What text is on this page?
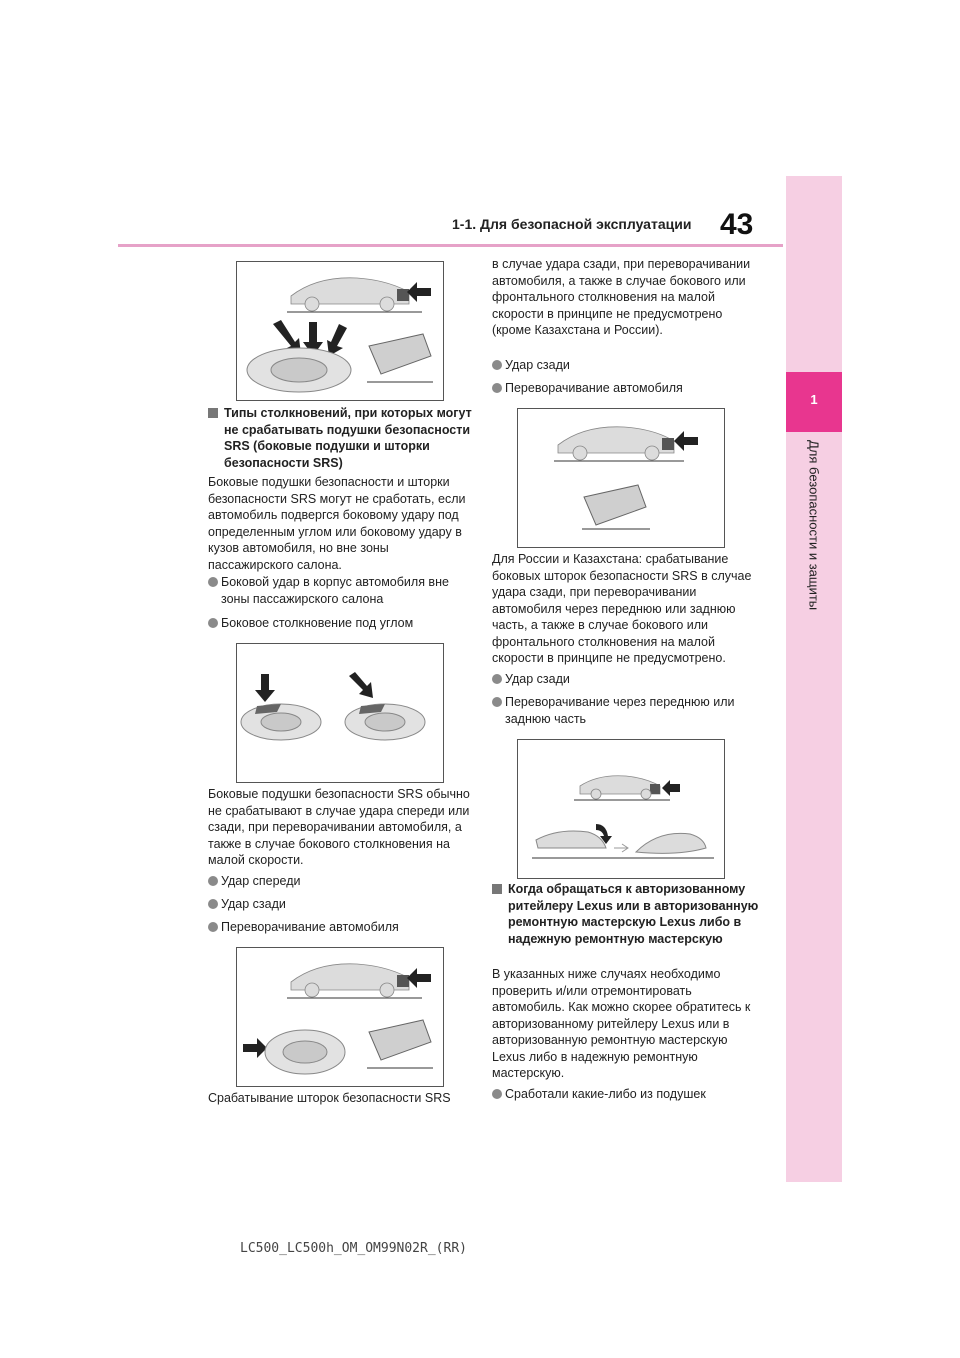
43
1-1. Для безопасной эксплуатации
1
Для безопасности и защиты
Типы столкновений, при которых могут не срабатывать подушки безопасности SRS (боковые подушки и шторки безопасности SRS)
Боковые подушки безопасности и шторки безопасности SRS могут не сработать, если автомобиль подвергся боковому удару под определенным углом или боковому удару в кузов автомобиля, но вне зоны пассажирского салона.
Боковой удар в корпус автомобиля вне зоны пассажирского салона
Боковое столкновение под углом
Боковые подушки безопасности SRS обычно не срабатывают в случае удара спереди или сзади, при переворачивании автомобиля, а также в случае бокового столкновения на малой скорости.
Удар спереди
Удар сзади
Переворачивание автомобиля
Срабатывание шторок безопасности SRS
в случае удара сзади, при переворачивании автомобиля, а также в случае бокового или фронтального столкновения на малой скорости в принципе не предусмотрено (кроме Казахстана и России).
Удар сзади
Переворачивание автомобиля
Для России и Казахстана: срабатывание боковых шторок безопасности SRS в случае удара сзади, при переворачивании автомобиля через переднюю или заднюю часть, а также в случае бокового или фронтального столкновения на малой скорости в принципе не предусмотрено.
Удар сзади
Переворачивание через переднюю или заднюю часть
Когда обращаться к авторизованному ритейлеру Lexus или в авторизованную ремонтную мастерскую Lexus либо в надежную ремонтную мастерскую
В указанных ниже случаях необходимо проверить и/или отремонтировать автомобиль. Как можно скорее обратитесь к авторизованному ритейлеру Lexus или в авторизованную ремонтную мастерскую Lexus либо в надежную ремонтную мастерскую.
Сработали какие-либо из подушек
LC500_LC500h_OM_OM99N02R_(RR)
